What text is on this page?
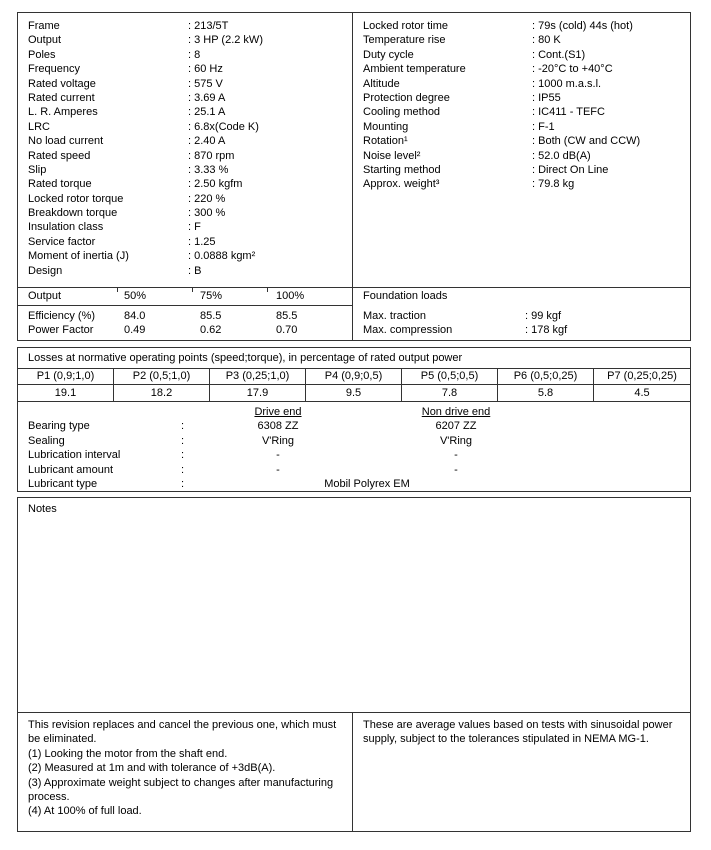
Frame	: 213/5T
Output	: 3 HP (2.2 kW)
Poles	: 8
Frequency	: 60 Hz
Rated voltage	: 575 V
Rated current	: 3.69 A
L. R. Amperes	: 25.1 A
LRC	: 6.8x(Code K)
No load current	: 2.40 A
Rated speed	: 870 rpm
Slip	: 3.33 %
Rated torque	: 2.50 kgfm
Locked rotor torque	: 220 %
Breakdown torque	: 300 %
Insulation class	: F
Service factor	: 1.25
Moment of inertia (J)	: 0.0888 kgm²
Design	: B
Locked rotor time	: 79s (cold) 44s (hot)
Temperature rise	: 80 K
Duty cycle	: Cont.(S1)
Ambient temperature	: -20°C to +40°C
Altitude	: 1000 m.a.s.l.
Protection degree	: IP55
Cooling method	: IC411 - TEFC
Mounting	: F-1
Rotation¹	: Both (CW and CCW)
Noise level²	: 52.0 dB(A)
Starting method	: Direct On Line
Approx. weight³	: 79.8 kg
Output	50%	75%	100%
Efficiency (%)	84.0	85.5	85.5
Power Factor	0.49	0.62	0.70
Foundation loads
Max. traction	: 99 kgf
Max. compression	: 178 kgf
Losses at normative operating points (speed;torque), in percentage of rated output power
P1 (0,9;1,0)	P2 (0,5;1,0)	P3 (0,25;1,0)	P4 (0,9;0,5)	P5 (0,5;0,5)	P6 (0,5;0,25)	P7 (0,25;0,25)
19.1	18.2	17.9	9.5	7.8	5.8	4.5
Drive end	Non drive end
Bearing type	:	6308 ZZ	6207 ZZ
Sealing	:	V'Ring	V'Ring
Lubrication interval	:	-	-
Lubricant amount	:	-	-
Lubricant type	:	Mobil Polyrex EM
Notes

This revision replaces and cancel the previous one, which must be eliminated.

(1) Looking the motor from the shaft end.

(2) Measured at 1m and with tolerance of +3dB(A).

(3) Approximate weight subject to changes after manufacturing process.

(4) At 100% of full load.

These are average values based on tests with sinusoidal power supply, subject to the tolerances stipulated in NEMA MG-1.
